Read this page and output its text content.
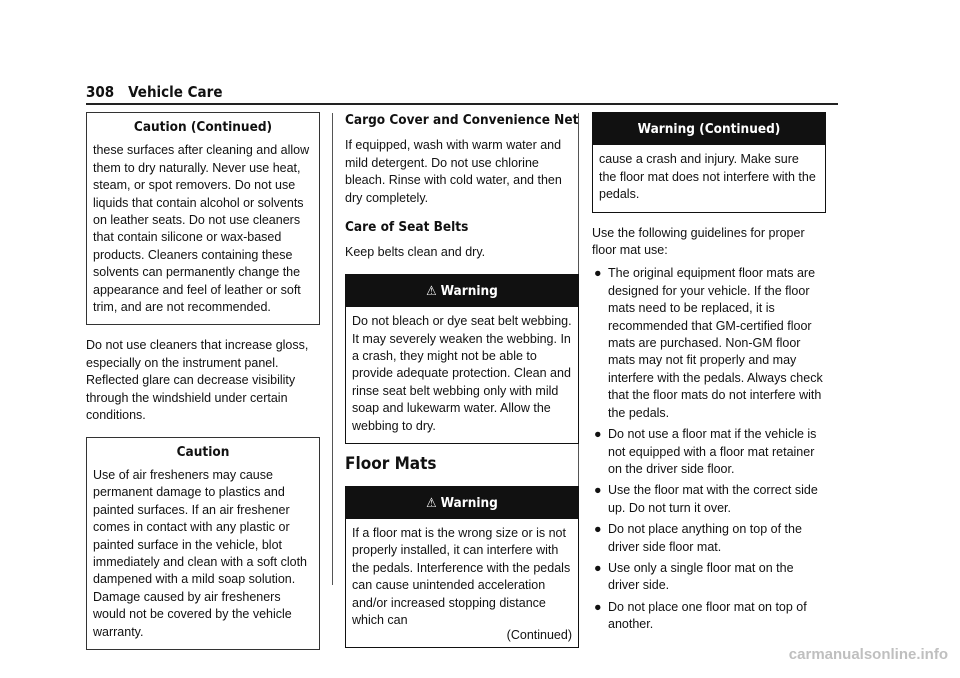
308 Vehicle Care
Caution (Continued)

these surfaces after cleaning and allow them to dry naturally. Never use heat, steam, or spot removers. Do not use liquids that contain alcohol or solvents on leather seats. Do not use cleaners that contain silicone or wax-based products. Cleaners containing these solvents can permanently change the appearance and feel of leather or soft trim, and are not recommended.

Do not use cleaners that increase gloss, especially on the instrument panel. Reflected glare can decrease visibility through the windshield under certain conditions.

Caution

Use of air fresheners may cause permanent damage to plastics and painted surfaces. If an air freshener comes in contact with any plastic or painted surface in the vehicle, blot immediately and clean with a soft cloth dampened with a mild soap solution. Damage caused by air fresheners would not be covered by the vehicle warranty.

Cargo Cover and Convenience Net

If equipped, wash with warm water and mild detergent. Do not use chlorine bleach. Rinse with cold water, and then dry completely.

Care of Seat Belts

Keep belts clean and dry.

⚠ Warning

Do not bleach or dye seat belt webbing. It may severely weaken the webbing. In a crash, they might not be able to provide adequate protection. Clean and rinse seat belt webbing only with mild soap and lukewarm water. Allow the webbing to dry.

Floor Mats
⚠ Warning

If a floor mat is the wrong size or is not properly installed, it can interfere with the pedals. Interference with the pedals can cause unintended acceleration and/or increased stopping distance which can

(Continued)
Warning (Continued)

cause a crash and injury. Make sure the floor mat does not interfere with the pedals.

Use the following guidelines for proper floor mat use:

● The original equipment floor mats are designed for your vehicle. If the floor mats need to be replaced, it is recommended that GM-certified floor mats are purchased. Non-GM floor mats may not fit properly and may interfere with the pedals. Always check that the floor mats do not interfere with the pedals.
● Do not use a floor mat if the vehicle is not equipped with a floor mat retainer on the driver side floor.
● Use the floor mat with the correct side up. Do not turn it over.
● Do not place anything on top of the driver side floor mat.
● Use only a single floor mat on the driver side.
● Do not place one floor mat on top of another.
carmanualsonline.info
